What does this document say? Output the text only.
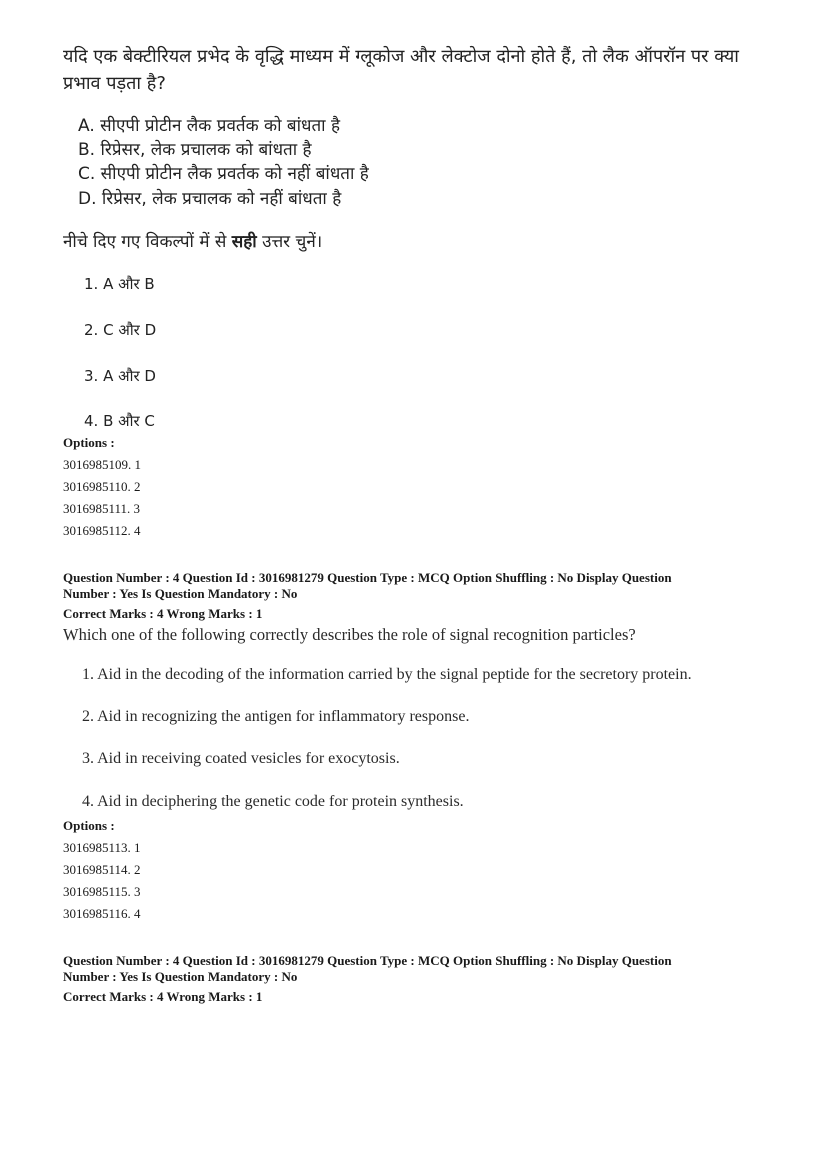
यदि एक बेक्टीरियल प्रभेद के वृद्धि माध्यम में ग्लूकोज और लेक्टोज दोनो होते हैं, तो लैक ऑपरॉन पर क्या
प्रभाव पड़ता है?
A. सीएपी प्रोटीन लैक प्रवर्तक को बांधता है
B. रिप्रेसर, लेक प्रचालक को बांधता है
C. सीएपी प्रोटीन लैक प्रवर्तक को नहीं बांधता है
D. रिप्रेसर, लेक प्रचालक को नहीं बांधता है
नीचे दिए गए विकल्पों में से सही उत्तर चुनें।
1. A और B
2. C और D
3. A और D
4. B और C
Options :
3016985109. 1
3016985110. 2
3016985111. 3
3016985112. 4
Question Number : 4 Question Id : 3016981279 Question Type : MCQ Option Shuffling : No Display Question
Number : Yes Is Question Mandatory : No
Correct Marks : 4 Wrong Marks : 1
Which one of the following correctly describes the role of signal recognition particles?
1. Aid in the decoding of the information carried by the signal peptide for the secretory protein.
2. Aid in recognizing the antigen for inflammatory response.
3. Aid in receiving coated vesicles for exocytosis.
4. Aid in deciphering the genetic code for protein synthesis.
Options :
3016985113. 1
3016985114. 2
3016985115. 3
3016985116. 4
Question Number : 4 Question Id : 3016981279 Question Type : MCQ Option Shuffling : No Display Question
Number : Yes Is Question Mandatory : No
Correct Marks : 4 Wrong Marks : 1
